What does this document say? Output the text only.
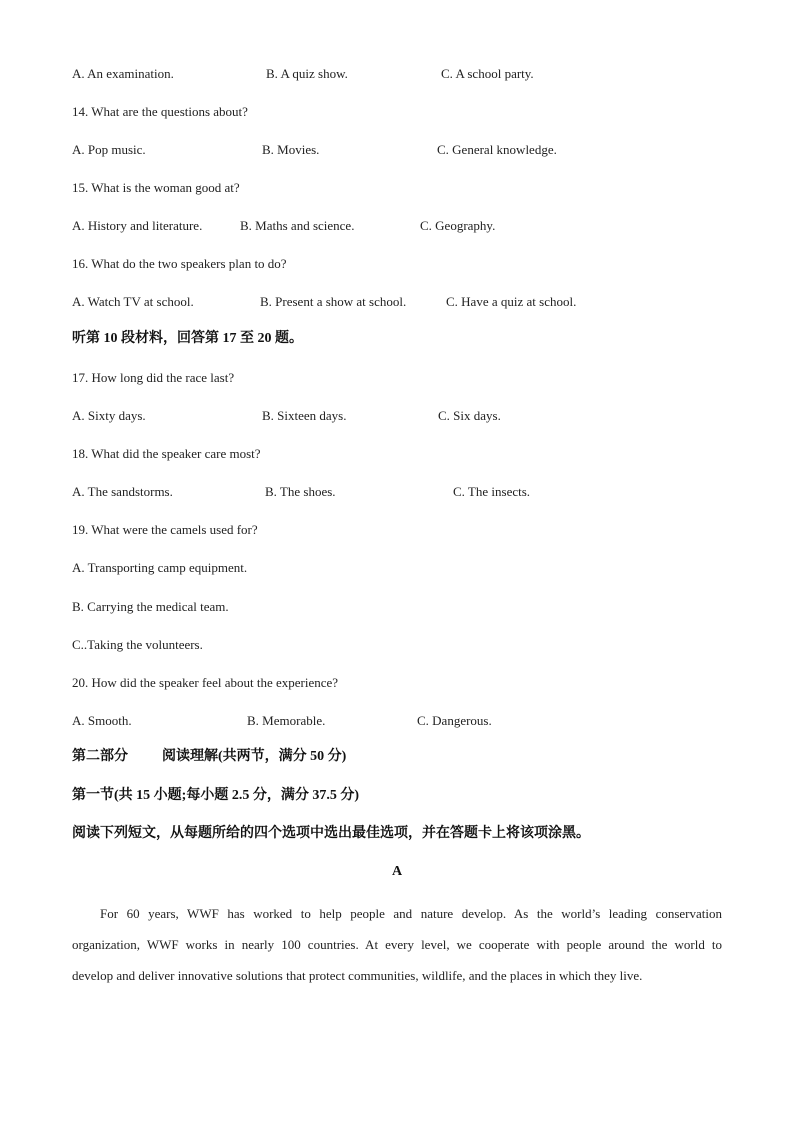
A. An examination.	B. A quiz show.	C. A school party.
14. What are the questions about?
A. Pop music.	B. Movies.	C. General knowledge.
15. What is the woman good at?
A. History and literature.	B. Maths and science.	C. Geography.
16. What do the two speakers plan to do?
A. Watch TV at school.	B. Present a show at school.	C. Have a quiz at school.
听第 10 段材料，回答第 17 至 20 题。
17. How long did the race last?
A. Sixty days.	B. Sixteen days.	C. Six days.
18. What did the speaker care most?
A. The sandstorms.	B. The shoes.	C. The insects.
19. What were the camels used for?
A. Transporting camp equipment.
B. Carrying the medical team.
C..Taking the volunteers.
20. How did the speaker feel about the experience?
A. Smooth.	B. Memorable.	C. Dangerous.
第二部分 阅读理解(共两节，满分 50 分)
第一节(共 15 小题;每小题 2.5 分，满分 37.5 分)
阅读下列短文，从每题所给的四个选项中选出最佳选项，并在答题卡上将该项涂黑。
A
For 60 years, WWF has worked to help people and nature develop. As the world’s leading conservation
organization, WWF works in nearly 100 countries. At every level, we cooperate with people around the world to
develop and deliver innovative solutions that protect communities, wildlife, and the places in which they live.
